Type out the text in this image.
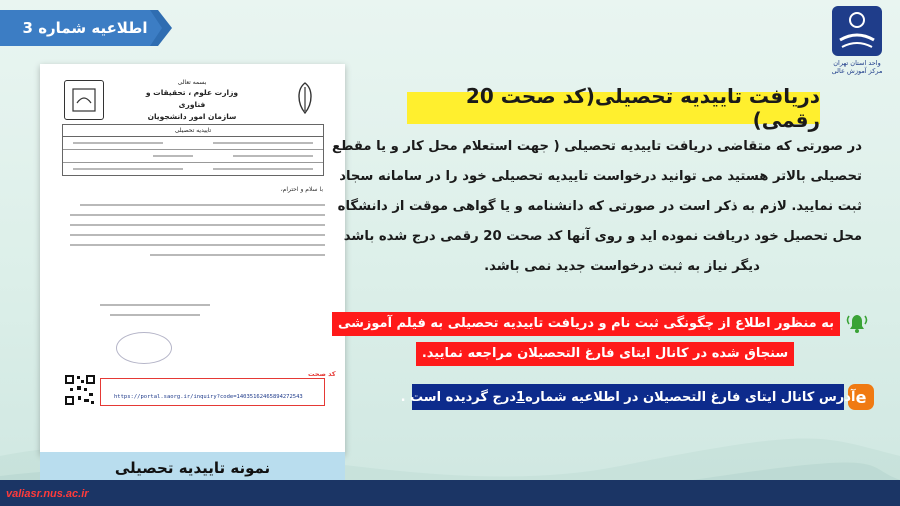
اطلاعیه شماره 3
واحد استان تهران
مرکز آموزش عالی
بسمه تعالی
وزارت علوم ، تحقیقات و فناوری
سازمان امور دانشجویان
تاییدیه تحصیلی
با سلام و احترام،
کد صحت
https://portal.saorg.ir/inquiry?code=14035162465894272543
نمونه تاییدیه تحصیلی
دریافت تاییدیه تحصیلی(کد صحت 20 رقمی)
در صورتی که متقاضی دریافت تاییدیه تحصیلی ( جهت استعلام محل کار و یا مقطع
تحصیلی بالاتر هستید می توانید درخواست تاییدیه تحصیلی خود را در سامانه سجاد
ثبت نمایید. لازم به ذکر است در صورتی که دانشنامه و یا گواهی موقت از دانشگاه
محل تحصیل خود دریافت نموده اید و روی آنها کد صحت 20 رقمی درج شده باشد
دیگر نیاز به ثبت درخواست جدید نمی باشد.
به منظور اطلاع از چگونگی ثبت نام و دریافت تاییدیه تحصیلی به فیلم آموزشی
سنجاق شده در کانال ایتای فارغ التحصیلان مراجعه نمایید.
e
آدرس کانال ایتای فارغ التحصیلان در اطلاعیه شماره
1
درج گردیده است .
valiasr.nus.ac.ir
